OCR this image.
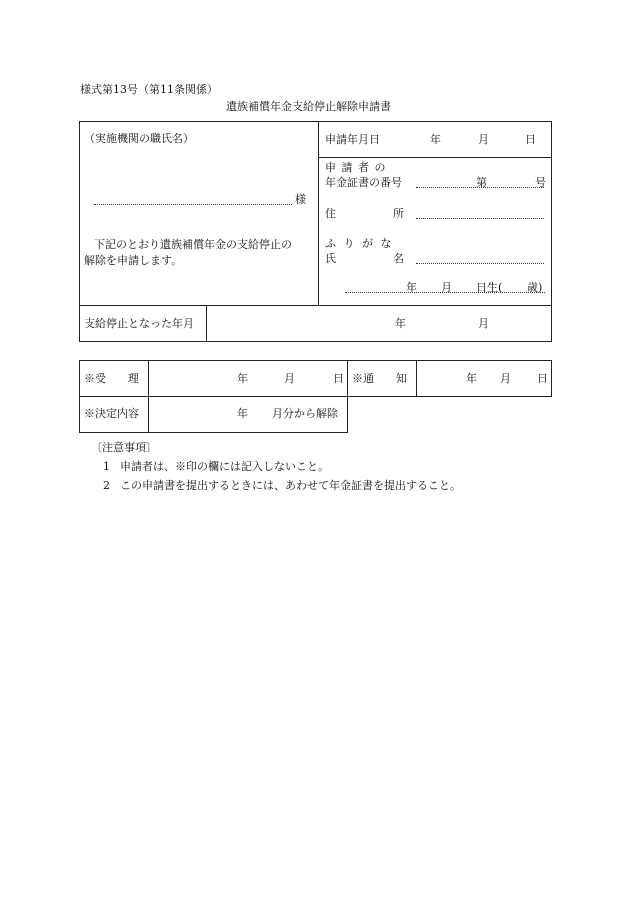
様式第13号（第11条関係）
遺族補償年金支給停止解除申請書
（実施機関の職氏名）
様
下記のとおり遺族補償年金の支給停止の
解除を申請します。
申請年月日	年	月	日
申 請 者 の
年金証書の番号	第	号
住	所
ふ り が な
氏	名
年 月 日生( 歳)
支給停止となった年月	年	月
※受　　理	年	月	日 ※通　　知	年 月 日
※決定内容	年 月分から解除
〔注意事項〕
1 申請者は、※印の欄には記入しないこと。
2 この申請書を提出するときには、あわせて年金証書を提出すること。
